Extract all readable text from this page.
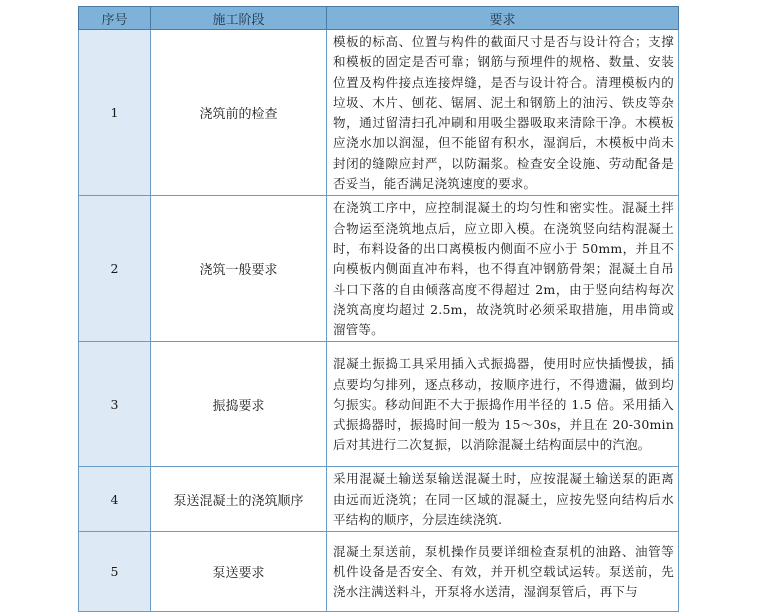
序号	施工阶段	要求
1	浇筑前的检查	模板的标高、位置与构件的截面尺寸是否与设计符合；支撑和模板的固定是否可靠；钢筋与预埋件的规格、数量、安装位置及构件接点连接焊缝，是否与设计符合。清理模板内的垃圾、木片、刨花、锯屑、泥土和钢筋上的油污、铁皮等杂物，通过留清扫孔冲刷和用吸尘器吸取来清除干净。木模板应浇水加以润湿，但不能留有积水，湿润后，木模板中尚未封闭的缝隙应封严，以防漏浆。检查安全设施、劳动配备是否妥当，能否满足浇筑速度的要求。
2	浇筑一般要求	在浇筑工序中，应控制混凝土的均匀性和密实性。混凝土拌合物运至浇筑地点后，应立即入模。在浇筑竖向结构混凝土时，布料设备的出口离模板内侧面不应小于 50mm，并且不向模板内侧面直冲布料，也不得直冲钢筋骨架；混凝土自吊斗口下落的自由倾落高度不得超过 2m，由于竖向结构每次浇筑高度均超过 2.5m，故浇筑时必须采取措施，用串筒或溜管等。
3	振捣要求	混凝土振捣工具采用插入式振捣器，使用时应快插慢拔，插点要均匀排列，逐点移动，按顺序进行，不得遗漏，做到均匀振实。移动间距不大于振捣作用半径的 1.5 倍。采用插入式振捣器时，振捣时间一般为 15～30s，并且在 20-30min 后对其进行二次复振，以消除混凝土结构面层中的汽泡。
4	泵送混凝土的浇筑顺序	采用混凝土输送泵输送混凝土时，应按混凝土输送泵的距离由远而近浇筑；在同一区域的混凝土，应按先竖向结构后水平结构的顺序，分层连续浇筑.
5	泵送要求	混凝土泵送前，泵机操作员要详细检查泵机的油路、油管等机件设备是否安全、有效，并开机空载试运转。泵送前，先浇水注满送料斗，开泵将水送清，湿润泵管后，再下与
